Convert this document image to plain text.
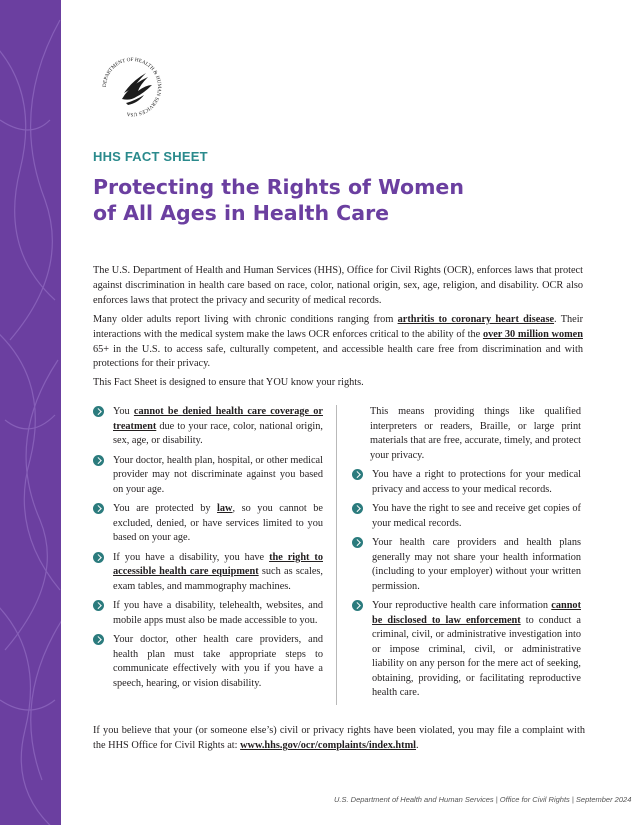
DEPARTMENT OF HEALTH & HUMAN SERVICES USA
HHS FACT SHEET
Protecting the Rights of Women
of All Ages in Health Care

The U.S. Department of Health and Human Services (HHS), Office for Civil Rights (OCR), enforces laws that protect against discrimination in health care based on race, color, national origin, sex, age, religion, and disability. OCR also enforces laws that protect the privacy and security of medical records.

Many older adults report living with chronic conditions ranging from arthritis to coronary heart disease. Their interactions with the medical system make the laws OCR enforces critical to the ability of the over 30 million women 65+ in the U.S. to access safe, culturally competent, and accessible health care free from discrimination and with protections for their privacy.

This Fact Sheet is designed to ensure that YOU know your rights.

You cannot be denied health care coverage or treatment due to your race, color, national origin, sex, age, or disability.
Your doctor, health plan, hospital, or other medical provider may not discriminate against you based on your age.
You are protected by law, so you cannot be excluded, denied, or have services limited to you based on your age.
If you have a disability, you have the right to accessible health care equipment such as scales, exam tables, and mammography machines.
If you have a disability, telehealth, websites, and mobile apps must also be made accessible to you.
Your doctor, other health care providers, and health plan must take appropriate steps to communicate effectively with you if you have a speech, hearing, or vision disability.
This means providing things like qualified interpreters or readers, Braille, or large print materials that are free, accurate, timely, and protect your privacy.
You have a right to protections for your medical privacy and access to your medical records.
You have the right to see and receive get copies of your medical records.
Your health care providers and health plans generally may not share your health information (including to your employer) without your written permission.
Your reproductive health care information cannot be disclosed to law enforcement to conduct a criminal, civil, or administrative investigation into or impose criminal, civil, or administrative liability on any person for the mere act of seeking, obtaining, providing, or facilitating reproductive health care.

If you believe that your (or someone else’s) civil or privacy rights have been violated, you may file a complaint with the HHS Office for Civil Rights at: www.hhs.gov/ocr/complaints/index.html.

U.S. Department of Health and Human Services | Office for Civil Rights | September 2024
